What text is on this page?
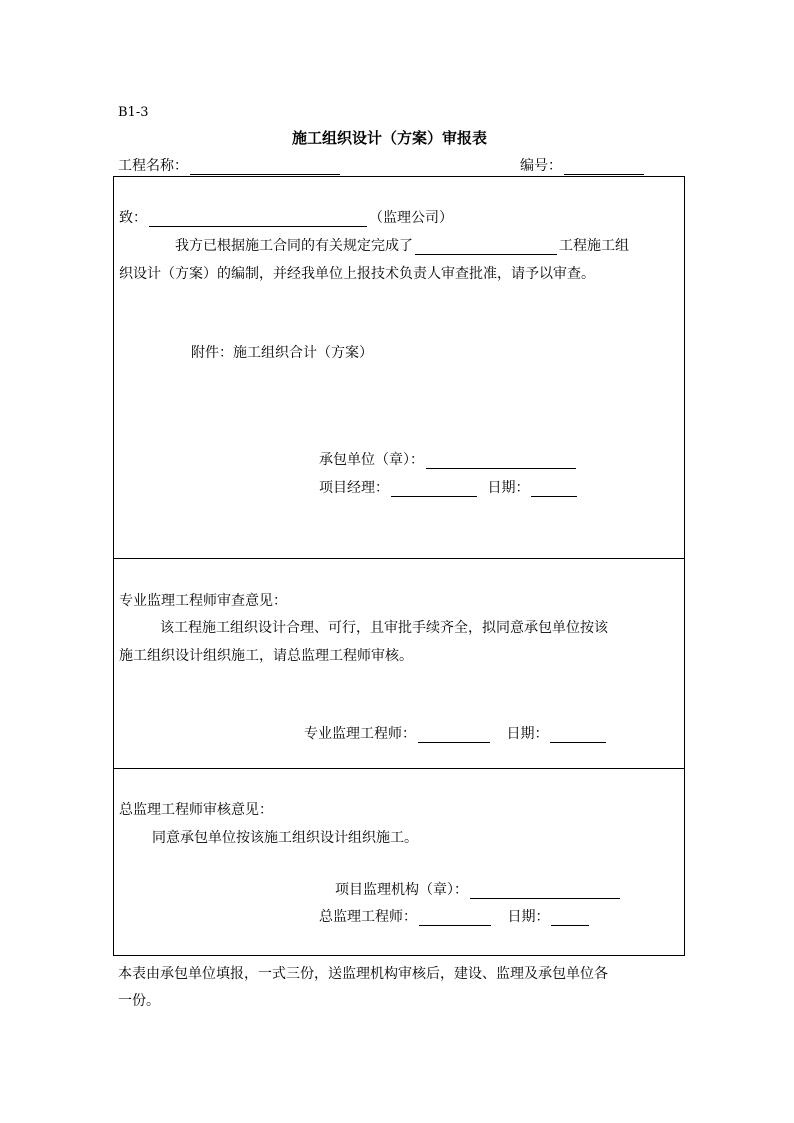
B1-3
施工组织设计（方案）审报表
工程名称：	编号：
致：	（监理公司）
我方已根据施工合同的有关规定完成了	工程施工组
织设计（方案）的编制，并经我单位上报技术负责人审查批准，请予以审查。
附件：施工组织合计（方案）
承包单位（章）：
项目经理：	日期：
专业监理工程师审查意见：
该工程施工组织设计合理、可行，且审批手续齐全，拟同意承包单位按该
施工组织设计组织施工，请总监理工程师审核。
专业监理工程师：	日期：
总监理工程师审核意见：
同意承包单位按该施工组织设计组织施工。
项目监理机构（章）：
总监理工程师：	日期：
本表由承包单位填报，一式三份，送监理机构审核后，建设、监理及承包单位各
一份。
